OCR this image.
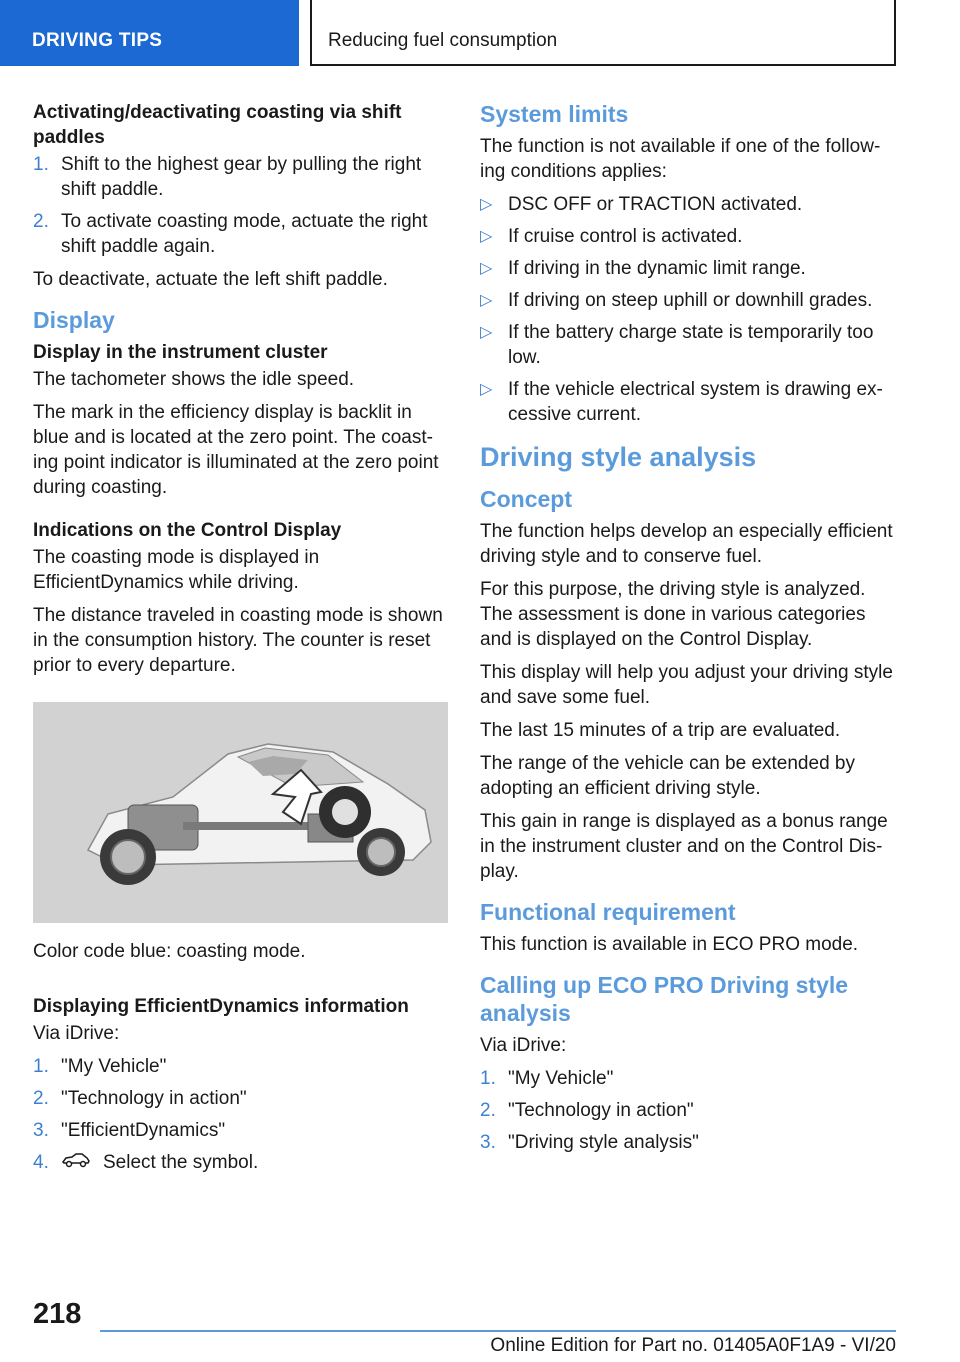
DRIVING TIPS	Reducing fuel consumption
Activating/deactivating coasting via shift paddles
1. Shift to the highest gear by pulling the right shift paddle.
2. To activate coasting mode, actuate the right shift paddle again.

To deactivate, actuate the left shift paddle.

Display
Display in the instrument cluster

The tachometer shows the idle speed.

The mark in the efficiency display is backlit in blue and is located at the zero point. The coasting point indicator is illuminated at the zero point during coasting.

Indications on the Control Display

The coasting mode is displayed in EfficientDynamics while driving.

The distance traveled in coasting mode is shown in the consumption history. The counter is reset prior to every departure.

Color code blue: coasting mode.

Displaying EfficientDynamics information

Via iDrive:

1. "My Vehicle"
2. "Technology in action"
3. "EfficientDynamics"
4.	Select the symbol.
System limits

The function is not available if one of the following conditions applies:

▷ DSC OFF or TRACTION activated.
▷ If cruise control is activated.
▷ If driving in the dynamic limit range.
▷ If driving on steep uphill or downhill grades.
▷ If the battery charge state is temporarily too low.
▷ If the vehicle electrical system is drawing excessive current.
Driving style analysis
Concept

The function helps develop an especially efficient driving style and to conserve fuel.

For this purpose, the driving style is analyzed. The assessment is done in various categories and is displayed on the Control Display.

This display will help you adjust your driving style and save some fuel.

The last 15 minutes of a trip are evaluated.

The range of the vehicle can be extended by adopting an efficient driving style.

This gain in range is displayed as a bonus range in the instrument cluster and on the Control Display.

Functional requirement

This function is available in ECO PRO mode.

Calling up ECO PRO Driving style analysis

Via iDrive:

1. "My Vehicle"
2. "Technology in action"
3. "Driving style analysis"
218
Online Edition for Part no. 01405A0F1A9 - VI/20
